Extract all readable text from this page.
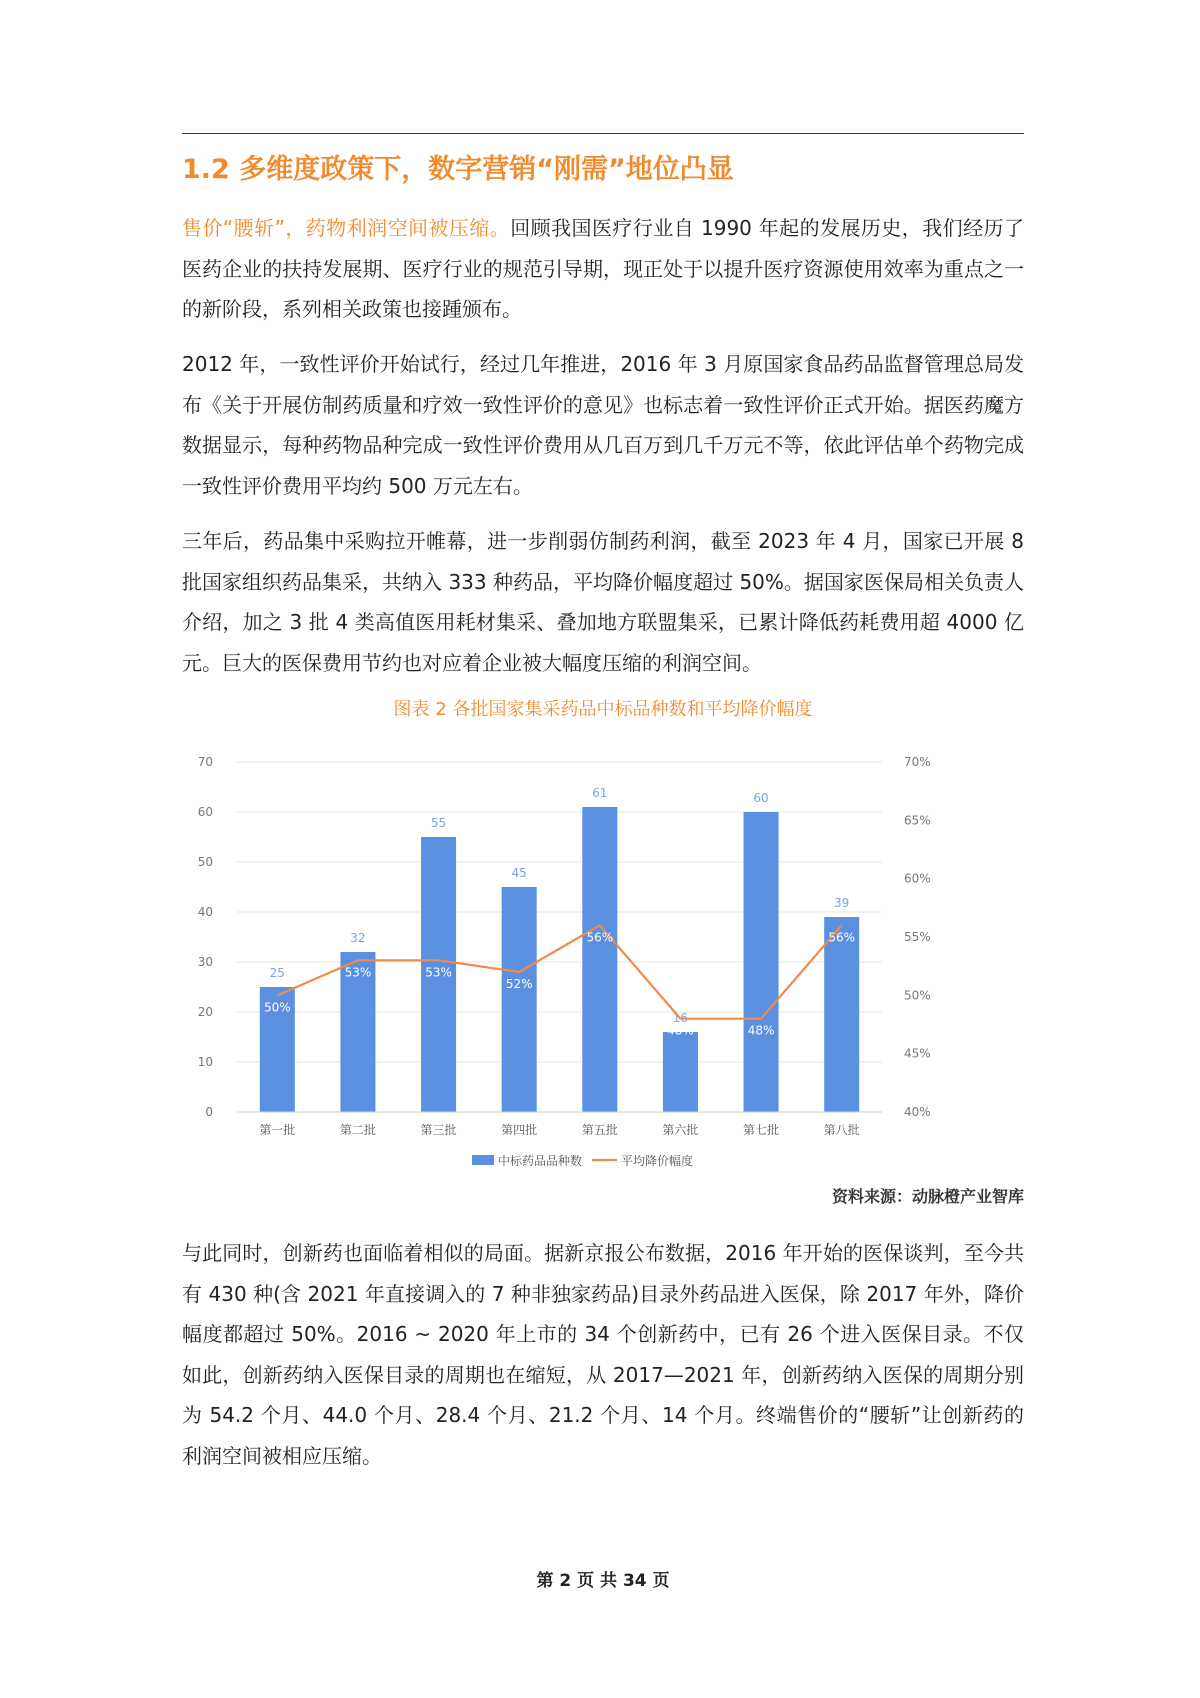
1.2 多维度政策下，数字营销“刚需”地位凸显

售价“腰斩”，药物利润空间被压缩。回顾我国医疗行业自 1990 年起的发展历史，我们经历了医药企业的扶持发展期、医疗行业的规范引导期，现正处于以提升医疗资源使用效率为重点之一的新阶段，系列相关政策也接踵颁布。

2012 年，一致性评价开始试行，经过几年推进，2016 年 3 月原国家食品药品监督管理总局发布《关于开展仿制药质量和疗效一致性评价的意见》也标志着一致性评价正式开始。据医药魔方数据显示，每种药物品种完成一致性评价费用从几百万到几千万元不等，依此评估单个药物完成一致性评价费用平均约 500 万元左右。

三年后，药品集中采购拉开帷幕，进一步削弱仿制药利润，截至 2023 年 4 月，国家已开展 8 批国家组织药品集采，共纳入 333 种药品，平均降价幅度超过 50%。据国家医保局相关负责人介绍，加之 3 批 4 类高值医用耗材集采、叠加地方联盟集采，已累计降低药耗费用超 4000 亿元。巨大的医保费用节约也对应着企业被大幅度压缩的利润空间。

图表 2 各批国家集采药品中标品种数和平均降价幅度
0
10
20
30
40
50
60
70
40%
45%
50%
55%
60%
65%
70%
25
第一批
32
第二批
55
第三批
45
第四批
61
第五批
16
第六批
60
第七批
39
第八批
50%
53%	53%
52%
56%
48%	48%
56%
中标药品品种数	平均降价幅度
资料来源：动脉橙产业智库

与此同时，创新药也面临着相似的局面。据新京报公布数据，2016 年开始的医保谈判，至今共有 430 种(含 2021 年直接调入的 7 种非独家药品)目录外药品进入医保，除 2017 年外，降价幅度都超过 50%。2016 ~ 2020 年上市的 34 个创新药中，已有 26 个进入医保目录。不仅如此，创新药纳入医保目录的周期也在缩短，从 2017—2021 年，创新药纳入医保的周期分别为 54.2 个月、44.0 个月、28.4 个月、21.2 个月、14 个月。终端售价的“腰斩”让创新药的利润空间被相应压缩。

第 2 页 共 34 页
